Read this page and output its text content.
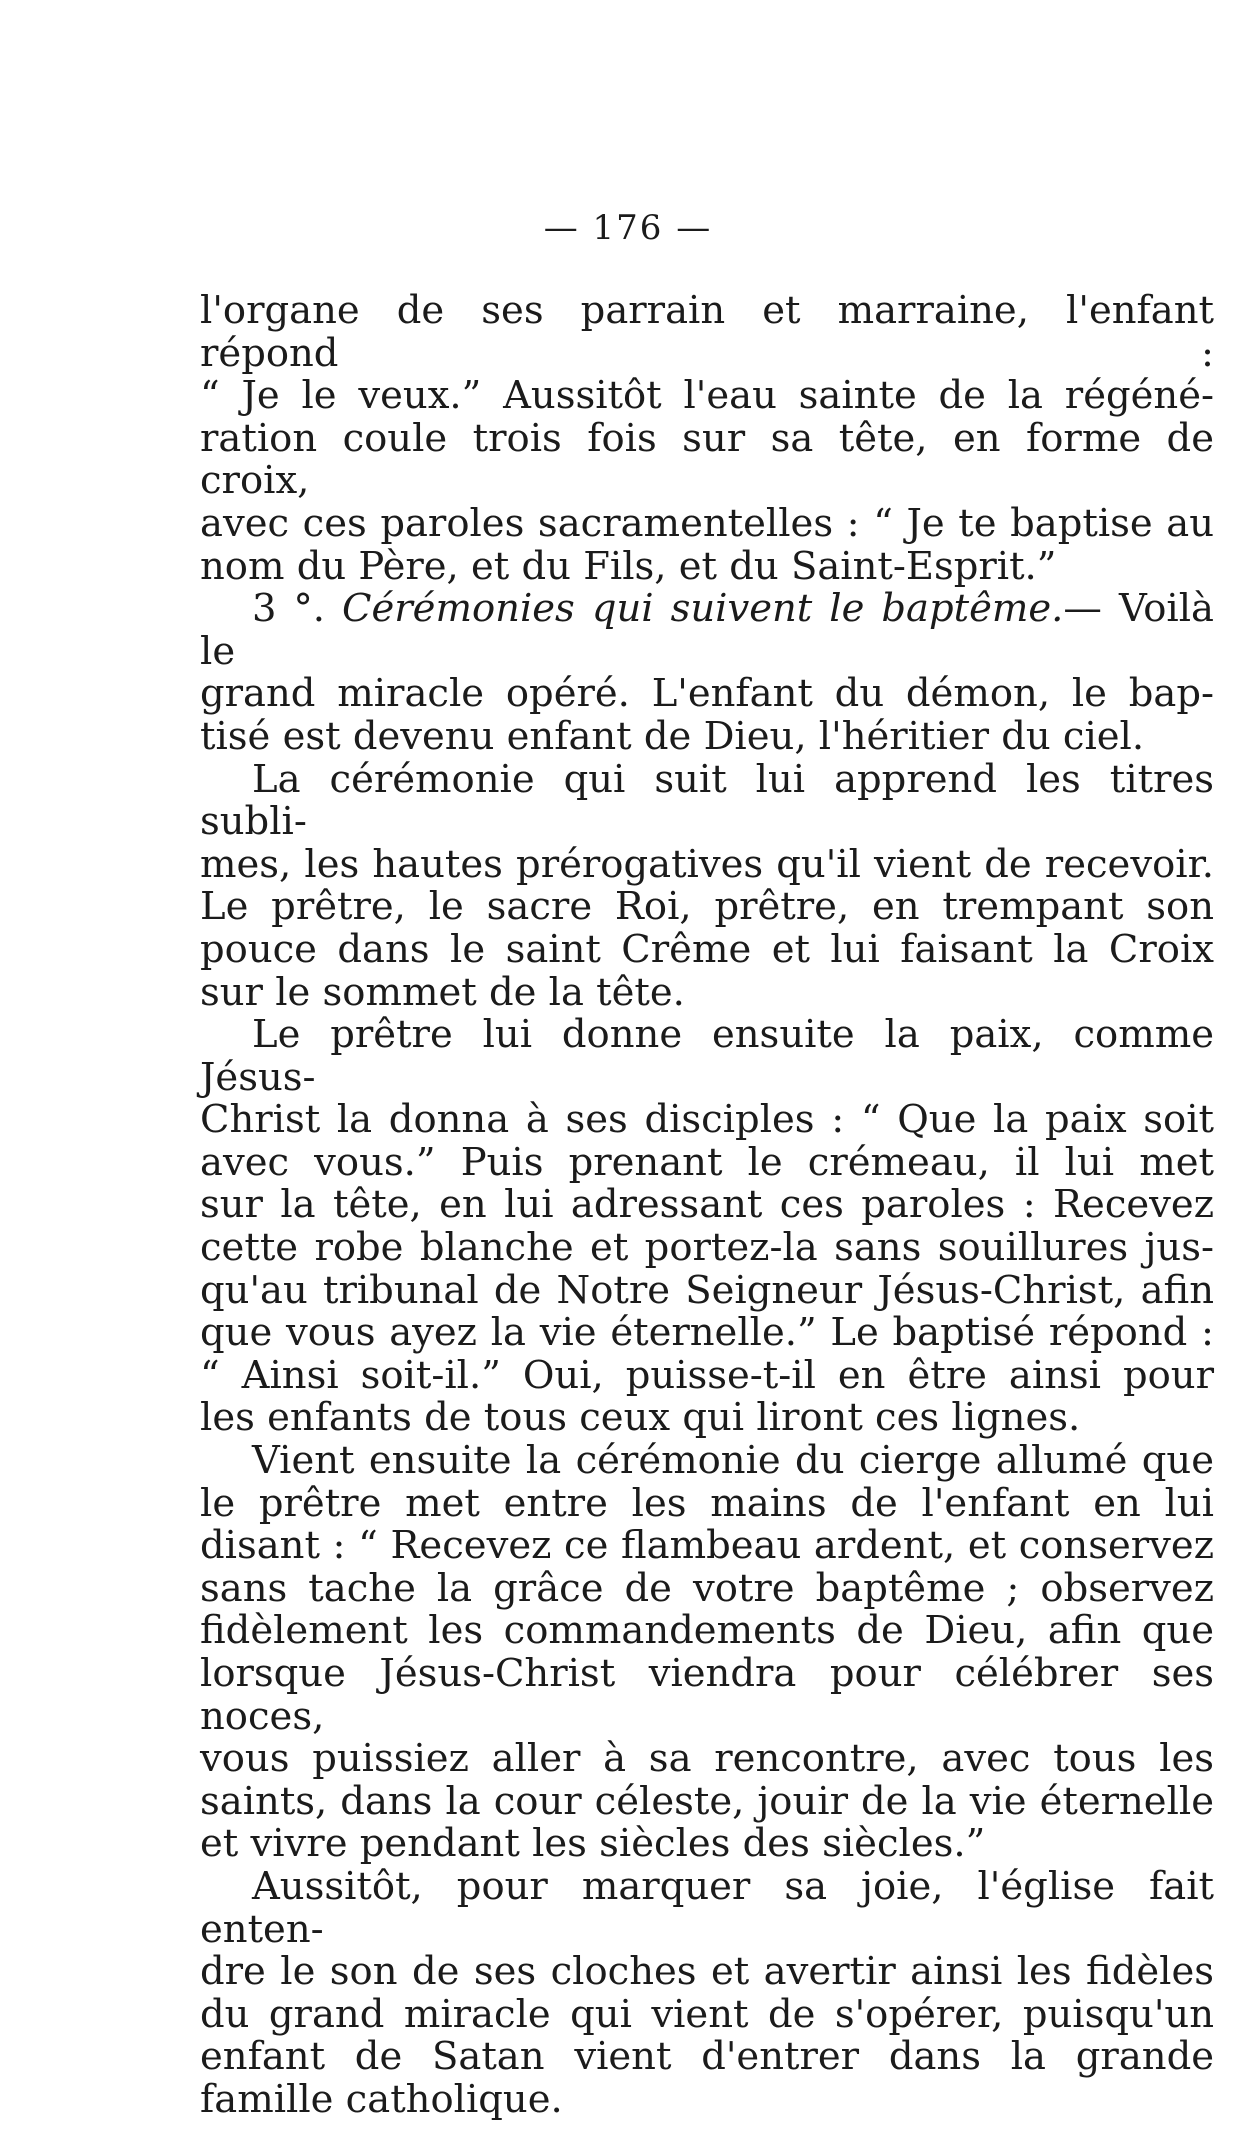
— 176 —

l'organe de ses parrain et marraine, l'enfant répond :

“ Je le veux.” Aussitôt l'eau sainte de la régéné-

ration coule trois fois sur sa tête, en forme de croix,

avec ces paroles sacramentelles : “ Je te baptise au

nom du Père, et du Fils, et du Saint-Esprit.”

3 °. Cérémonies qui suivent le baptême.— Voilà le

grand miracle opéré. L'enfant du démon, le bap-

tisé est devenu enfant de Dieu, l'héritier du ciel.

La cérémonie qui suit lui apprend les titres subli-

mes, les hautes prérogatives qu'il vient de recevoir.

Le prêtre, le sacre Roi, prêtre, en trempant son

pouce dans le saint Crême et lui faisant la Croix

sur le sommet de la tête.

Le prêtre lui donne ensuite la paix, comme Jésus-

Christ la donna à ses disciples : “ Que la paix soit

avec vous.” Puis prenant le crémeau, il lui met

sur la tête, en lui adressant ces paroles : Recevez

cette robe blanche et portez-la sans souillures jus-

qu'au tribunal de Notre Seigneur Jésus-Christ, afin

que vous ayez la vie éternelle.” Le baptisé répond :

“ Ainsi soit-il.” Oui, puisse-t-il en être ainsi pour

les enfants de tous ceux qui liront ces lignes.

Vient ensuite la cérémonie du cierge allumé que

le prêtre met entre les mains de l'enfant en lui

disant : “ Recevez ce flambeau ardent, et conservez

sans tache la grâce de votre baptême ; observez

fidèlement les commandements de Dieu, afin que

lorsque Jésus-Christ viendra pour célébrer ses noces,

vous puissiez aller à sa rencontre, avec tous les

saints, dans la cour céleste, jouir de la vie éternelle

et vivre pendant les siècles des siècles.”

Aussitôt, pour marquer sa joie, l'église fait enten-

dre le son de ses cloches et avertir ainsi les fidèles

du grand miracle qui vient de s'opérer, puisqu'un

enfant de Satan vient d'entrer dans la grande

famille catholique.
